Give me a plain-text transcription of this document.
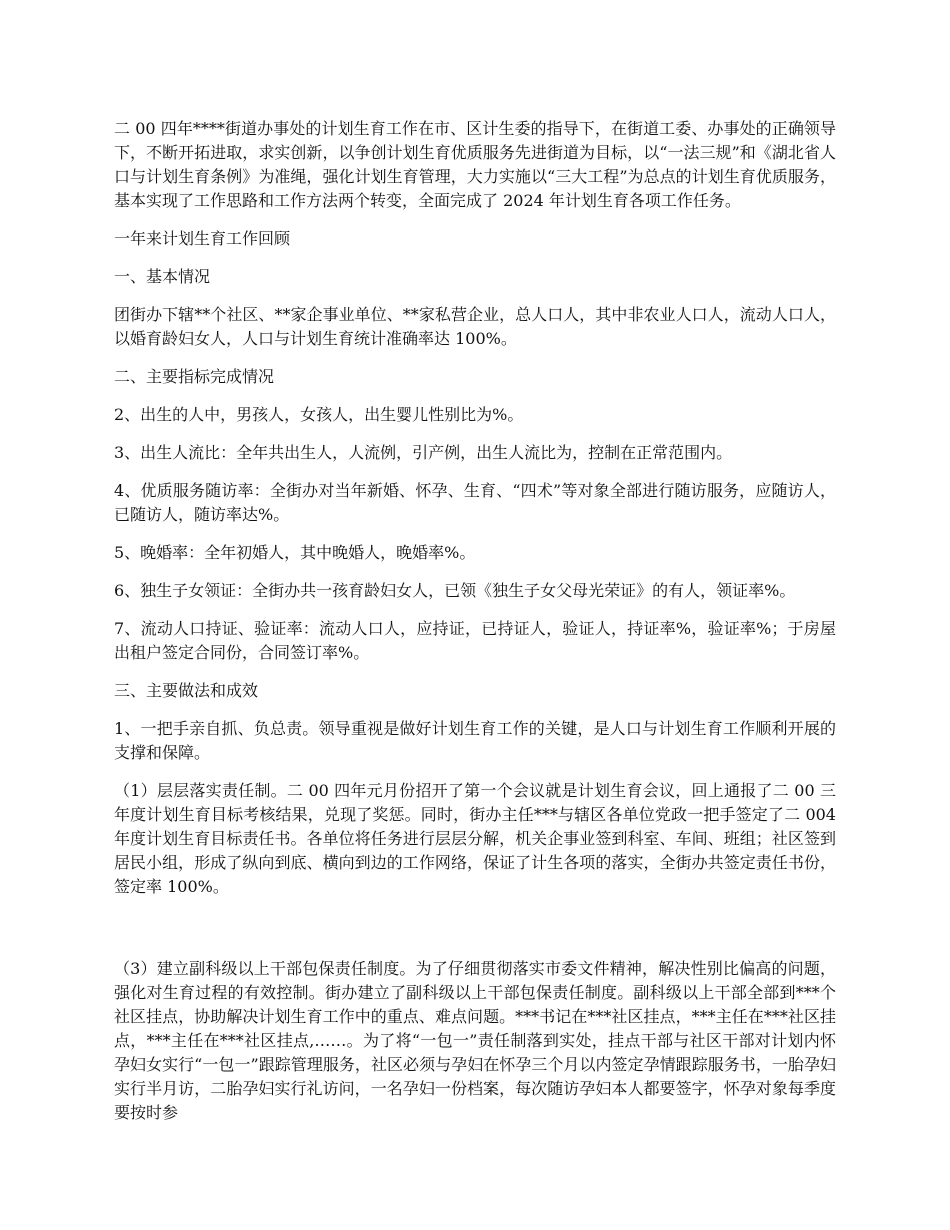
二 00 四年****街道办事处的计划生育工作在市、区计生委的指导下，在街道工委、办事处的正确领导下，不断开拓进取，求实创新，以争创计划生育优质服务先进街道为目标，以“一法三规”和《湖北省人口与计划生育条例》为准绳，强化计划生育管理，大力实施以“三大工程”为总点的计划生育优质服务，基本实现了工作思路和工作方法两个转变，全面完成了 2024 年计划生育各项工作任务。

一年来计划生育工作回顾

一、基本情况

团街办下辖**个社区、**家企事业单位、**家私营企业，总人口人，其中非农业人口人，流动人口人，以婚育龄妇女人，人口与计划生育统计准确率达 100%。

二、主要指标完成情况

2、出生的人中，男孩人，女孩人，出生婴儿性别比为%。

3、出生人流比：全年共出生人，人流例，引产例，出生人流比为，控制在正常范围内。

4、优质服务随访率：全街办对当年新婚、怀孕、生育、“四术”等对象全部进行随访服务，应随访人，已随访人，随访率达%。

5、晚婚率：全年初婚人，其中晚婚人，晚婚率%。

6、独生子女领证：全街办共一孩育龄妇女人，已领《独生子女父母光荣证》的有人，领证率%。

7、流动人口持证、验证率：流动人口人，应持证，已持证人，验证人，持证率%，验证率%；于房屋出租户签定合同份，合同签订率%。

三、主要做法和成效

1、一把手亲自抓、负总责。领导重视是做好计划生育工作的关键，是人口与计划生育工作顺利开展的支撑和保障。

（1）层层落实责任制。二 00 四年元月份招开了第一个会议就是计划生育会议，回上通报了二 00 三年度计划生育目标考核结果，兑现了奖惩。同时，街办主任***与辖区各单位党政一把手签定了二 004 年度计划生育目标责任书。各单位将任务进行层层分解，机关企事业签到科室、车间、班组；社区签到居民小组，形成了纵向到底、横向到边的工作网络，保证了计生各项的落实，全街办共签定责任书份，签定率 100%。

（3）建立副科级以上干部包保责任制度。为了仔细贯彻落实市委文件精神，解决性别比偏高的问题，强化对生育过程的有效控制。街办建立了副科级以上干部包保责任制度。副科级以上干部全部到***个社区挂点，协助解决计划生育工作中的重点、难点问题。***书记在***社区挂点，***主任在***社区挂点，***主任在***社区挂点,……。为了将“一包一”责任制落到实处，挂点干部与社区干部对计划内怀孕妇女实行“一包一”跟踪管理服务，社区必须与孕妇在怀孕三个月以内签定孕情跟踪服务书，一胎孕妇实行半月访，二胎孕妇实行礼访问，一名孕妇一份档案，每次随访孕妇本人都要签字，怀孕对象每季度要按时参
